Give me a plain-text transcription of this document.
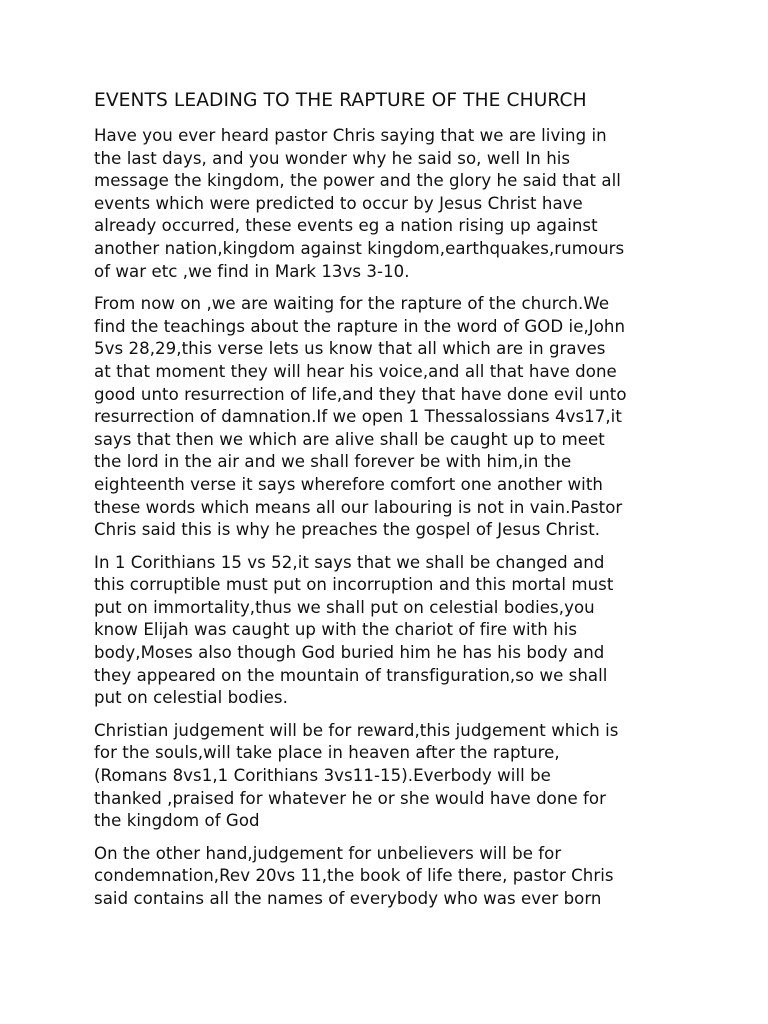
EVENTS LEADING TO THE RAPTURE OF THE CHURCH
Have you ever heard pastor Chris saying that we are living in
the last days, and you wonder why he said so, well In his
message the kingdom, the power and the glory he said that all
events which were predicted to occur by Jesus Christ have
already occurred, these events eg a nation rising up against
another nation,kingdom against kingdom,earthquakes,rumours
of war etc ,we find in Mark 13vs 3-10.
From now on ,we are waiting for the rapture of the church.We
find the teachings about the rapture in the word of GOD ie,John
5vs 28,29,this verse lets us know that all which are in graves
at that moment they will hear his voice,and all that have done
good unto resurrection of life,and they that have done evil unto
resurrection of damnation.If we open 1 Thessalossians 4vs17,it
says that then we which are alive shall be caught up to meet
the lord in the air and we shall forever be with him,in the
eighteenth verse it says wherefore comfort one another with
these words which means all our labouring is not in vain.Pastor
Chris said this is why he preaches the gospel of Jesus Christ.
In 1 Corithians 15 vs 52,it says that we shall be changed and
this corruptible must put on incorruption and this mortal must
put on immortality,thus we shall put on celestial bodies,you
know Elijah was caught up with the chariot of fire with his
body,Moses also though God buried him he has his body and
they appeared on the mountain of transfiguration,so we shall
put on celestial bodies.
Christian judgement will be for reward,this judgement which is
for the souls,will take place in heaven after the rapture,
(Romans 8vs1,1 Corithians 3vs11-15).Everbody will be
thanked ,praised for whatever he or she would have done for
the kingdom of God
On the other hand,judgement for unbelievers will be for
condemnation,Rev 20vs 11,the book of life there, pastor Chris
said contains all the names of everybody who was ever born
